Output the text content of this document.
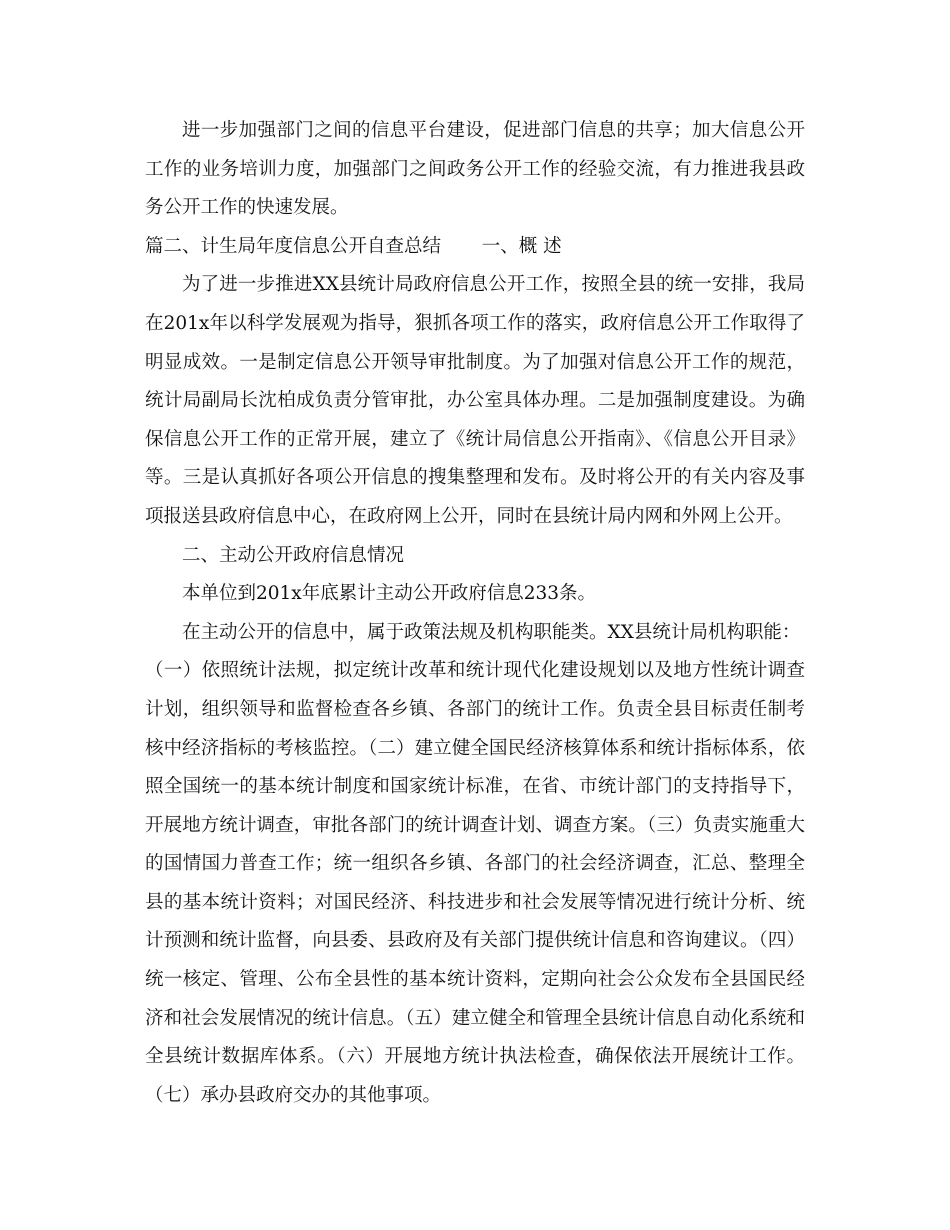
进一步加强部门之间的信息平台建设，促进部门信息的共享；加大信息公开工作的业务培训力度，加强部门之间政务公开工作的经验交流，有力推进我县政务公开工作的快速发展。

篇二、计生局年度信息公开自查总结 一、概 述

为了进一步推进XX县统计局政府信息公开工作，按照全县的统一安排，我局在201x年以科学发展观为指导，狠抓各项工作的落实，政府信息公开工作取得了明显成效。一是制定信息公开领导审批制度。为了加强对信息公开工作的规范，统计局副局长沈柏成负责分管审批，办公室具体办理。二是加强制度建设。为确保信息公开工作的正常开展，建立了《统计局信息公开指南》、《信息公开目录》等。三是认真抓好各项公开信息的搜集整理和发布。及时将公开的有关内容及事项报送县政府信息中心，在政府网上公开，同时在县统计局内网和外网上公开。

二、主动公开政府信息情况

本单位到201x年底累计主动公开政府信息233条。

在主动公开的信息中，属于政策法规及机构职能类。XX县统计局机构职能：

（一）依照统计法规，拟定统计改革和统计现代化建设规划以及地方性统计调查计划，组织领导和监督检查各乡镇、各部门的统计工作。负责全县目标责任制考核中经济指标的考核监控。（二）建立健全国民经济核算体系和统计指标体系，依照全国统一的基本统计制度和国家统计标准，在省、市统计部门的支持指导下，开展地方统计调查，审批各部门的统计调查计划、调查方案。（三）负责实施重大的国情国力普查工作；统一组织各乡镇、各部门的社会经济调查，汇总、整理全县的基本统计资料；对国民经济、科技进步和社会发展等情况进行统计分析、统计预测和统计监督，向县委、县政府及有关部门提供统计信息和咨询建议。（四）统一核定、管理、公布全县性的基本统计资料，定期向社会公众发布全县国民经济和社会发展情况的统计信息。（五）建立健全和管理全县统计信息自动化系统和全县统计数据库体系。（六）开展地方统计执法检查，确保依法开展统计工作。（七）承办县政府交办的其他事项。
